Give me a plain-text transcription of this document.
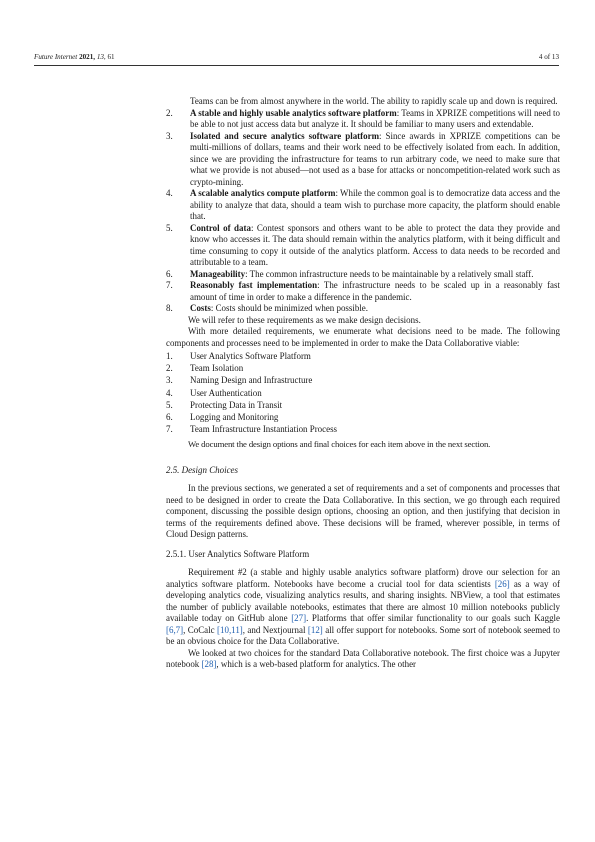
Future Internet 2021, 13, 61	4 of 13

Teams can be from almost anywhere in the world. The ability to rapidly scale up and down is required.

2. A stable and highly usable analytics software platform: Teams in XPRIZE competitions will need to be able to not just access data but analyze it. It should be familiar to many users and extendable.
3. Isolated and secure analytics software platform: Since awards in XPRIZE competitions can be multi-millions of dollars, teams and their work need to be effectively isolated from each. In addition, since we are providing the infrastructure for teams to run arbitrary code, we need to make sure that what we provide is not abused—not used as a base for attacks or noncompetition-related work such as crypto-mining.
4. A scalable analytics compute platform: While the common goal is to democratize data access and the ability to analyze that data, should a team wish to purchase more capacity, the platform should enable that.
5. Control of data: Contest sponsors and others want to be able to protect the data they provide and know who accesses it. The data should remain within the analytics platform, with it being difficult and time consuming to copy it outside of the analytics platform. Access to data needs to be recorded and attributable to a team.
6. Manageability: The common infrastructure needs to be maintainable by a relatively small staff.
7. Reasonably fast implementation: The infrastructure needs to be scaled up in a reasonably fast amount of time in order to make a difference in the pandemic.
8. Costs: Costs should be minimized when possible.

We will refer to these requirements as we make design decisions.

With more detailed requirements, we enumerate what decisions need to be made. The following components and processes need to be implemented in order to make the Data Collaborative viable:

1. User Analytics Software Platform
2. Team Isolation
3. Naming Design and Infrastructure
4. User Authentication
5. Protecting Data in Transit
6. Logging and Monitoring
7. Team Infrastructure Instantiation Process

We document the design options and final choices for each item above in the next section.

2.5. Design Choices

In the previous sections, we generated a set of requirements and a set of components and processes that need to be designed in order to create the Data Collaborative. In this section, we go through each required component, discussing the possible design options, choosing an option, and then justifying that decision in terms of the requirements defined above. These decisions will be framed, wherever possible, in terms of Cloud Design patterns.

2.5.1. User Analytics Software Platform

Requirement #2 (a stable and highly usable analytics software platform) drove our selection for an analytics software platform. Notebooks have become a crucial tool for data scientists [26] as a way of developing analytics code, visualizing analytics results, and sharing insights. NBView, a tool that estimates the number of publicly available notebooks, estimates that there are almost 10 million notebooks publicly available today on GitHub alone [27]. Platforms that offer similar functionality to our goals such Kaggle [6,7], CoCalc [10,11], and Nextjournal [12] all offer support for notebooks. Some sort of notebook seemed to be an obvious choice for the Data Collaborative.

We looked at two choices for the standard Data Collaborative notebook. The first choice was a Jupyter notebook [28], which is a web-based platform for analytics. The other
